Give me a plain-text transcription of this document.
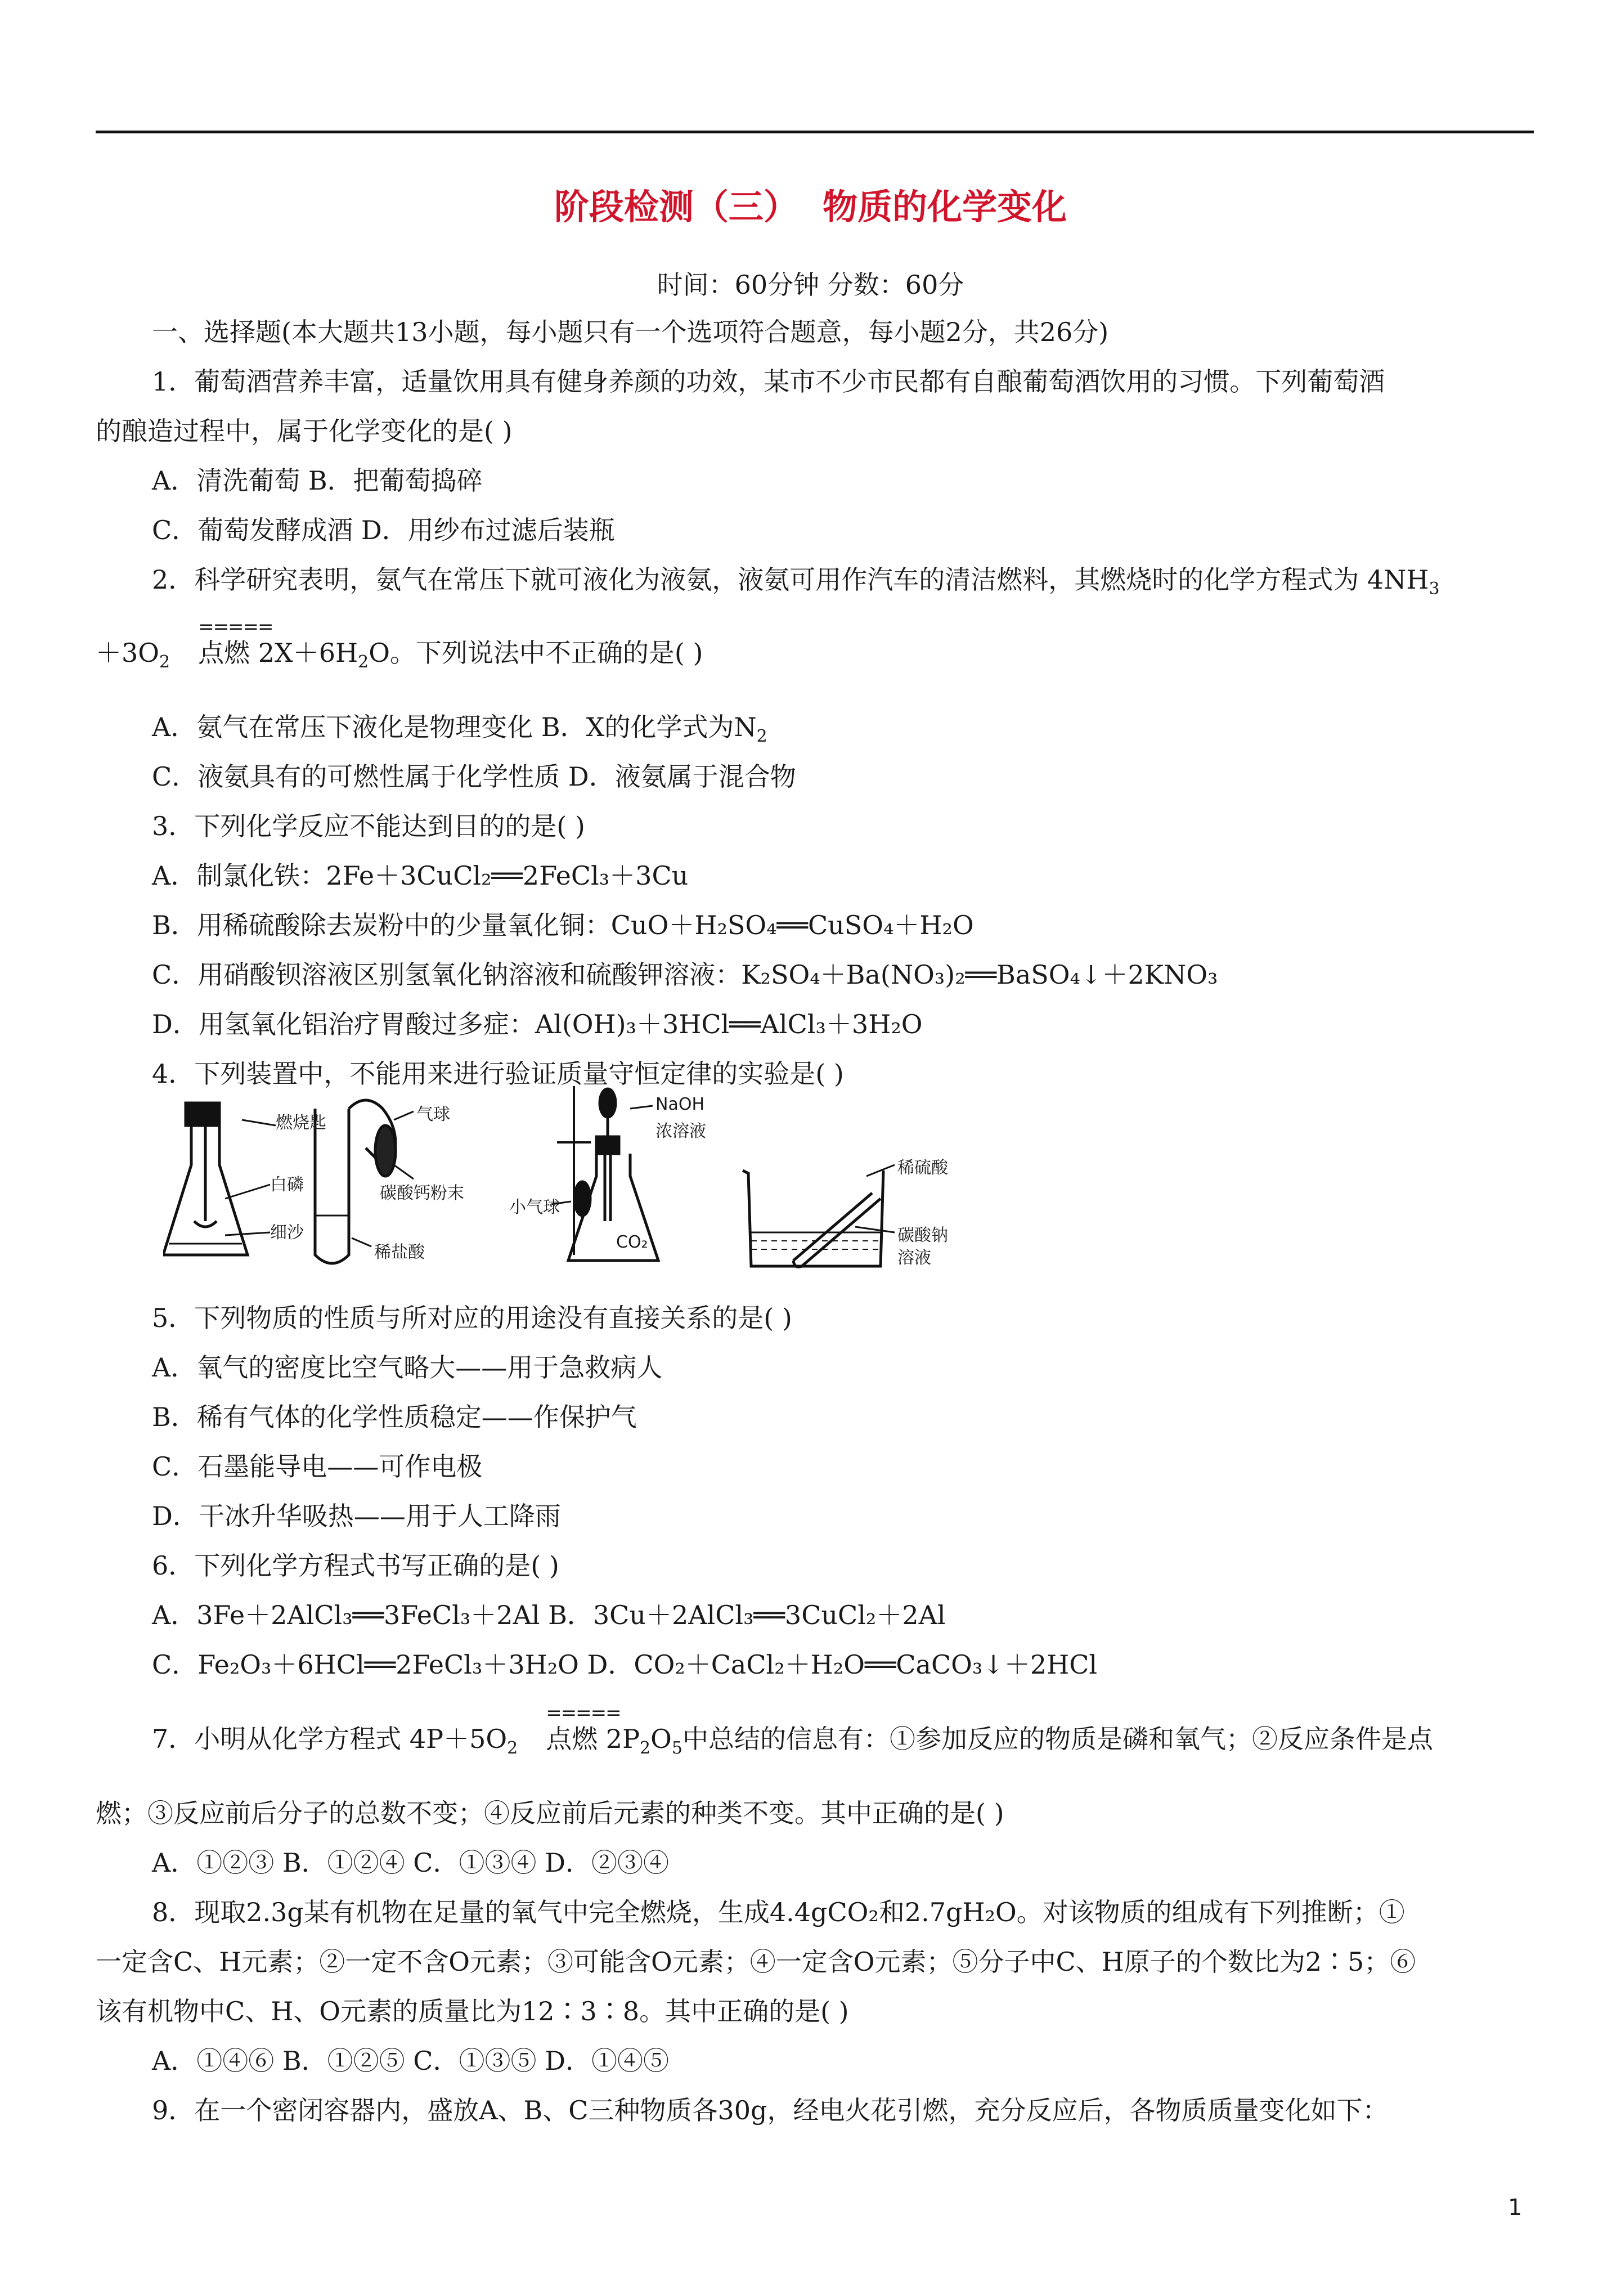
阶段检测（三）  物质的化学变化
时间：60分钟 分数：60分
一、选择题(本大题共13小题，每小题只有一个选项符合题意，每小题2分，共26分)
1．葡萄酒营养丰富，适量饮用具有健身养颜的功效，某市不少市民都有自酿葡萄酒饮用的习惯。下列葡萄酒
的酿造过程中，属于化学变化的是( )
A．清洗葡萄 B．把葡萄捣碎
C．葡萄发酵成酒 D．用纱布过滤后装瓶
2．科学研究表明，氨气在常压下就可液化为液氨，液氨可用作汽车的清洁燃料，其燃烧时的化学方程式为 $4NH_3$
$+3O_2$
=====
点燃 $2X+6H_2O$。下列说法中不正确的是( )
A．氨气在常压下液化是物理变化 B．X的化学式为$N_2$
C．液氨具有的可燃性属于化学性质 D．液氨属于混合物
3．下列化学反应不能达到目的的是( )
A．制氯化铁：2Fe＋3CuCl₂══2FeCl₃＋3Cu
B．用稀硫酸除去炭粉中的少量氧化铜：CuO＋H₂SO₄══CuSO₄＋H₂O
C．用硝酸钡溶液区别氢氧化钠溶液和硫酸钾溶液：K₂SO₄＋Ba(NO₃)₂══BaSO₄↓＋2KNO₃
D．用氢氧化铝治疗胃酸过多症：Al(OH)₃＋3HCl══AlCl₃＋3H₂O
4．下列装置中，不能用来进行验证质量守恒定律的实验是( )
燃烧匙
白磷
细沙
气球
碳酸钙粉末
稀盐酸
NaOH
浓溶液
小气球
CO₂
稀硫酸
碳酸钠
溶液
5．下列物质的性质与所对应的用途没有直接关系的是( )
A．氧气的密度比空气略大——用于急救病人
B．稀有气体的化学性质稳定——作保护气
C．石墨能导电——可作电极
D．干冰升华吸热——用于人工降雨
6．下列化学方程式书写正确的是( )
A．3Fe＋2AlCl₃══3FeCl₃＋2Al B．3Cu＋2AlCl₃══3CuCl₂＋2Al
C．Fe₂O₃＋6HCl══2FeCl₃＋3H₂O D．CO₂＋CaCl₂＋H₂O══CaCO₃↓＋2HCl
7．小明从化学方程式 $4P+5O_2$
=====
点燃 $2P_2O_5$中总结的信息有：①参加反应的物质是磷和氧气；②反应条件是点
燃；③反应前后分子的总数不变；④反应前后元素的种类不变。其中正确的是( )
A．①②③ B．①②④ C．①③④ D．②③④
8．现取2.3g某有机物在足量的氧气中完全燃烧，生成4.4gCO₂和2.7gH₂O。对该物质的组成有下列推断；①
一定含C、H元素；②一定不含O元素；③可能含O元素；④一定含O元素；⑤分子中C、H原子的个数比为2∶5；⑥
该有机物中C、H、O元素的质量比为12∶3∶8。其中正确的是( )
A．①④⑥ B．①②⑤ C．①③⑤ D．①④⑤
9．在一个密闭容器内，盛放A、B、C三种物质各30g，经电火花引燃，充分反应后，各物质质量变化如下：
1
